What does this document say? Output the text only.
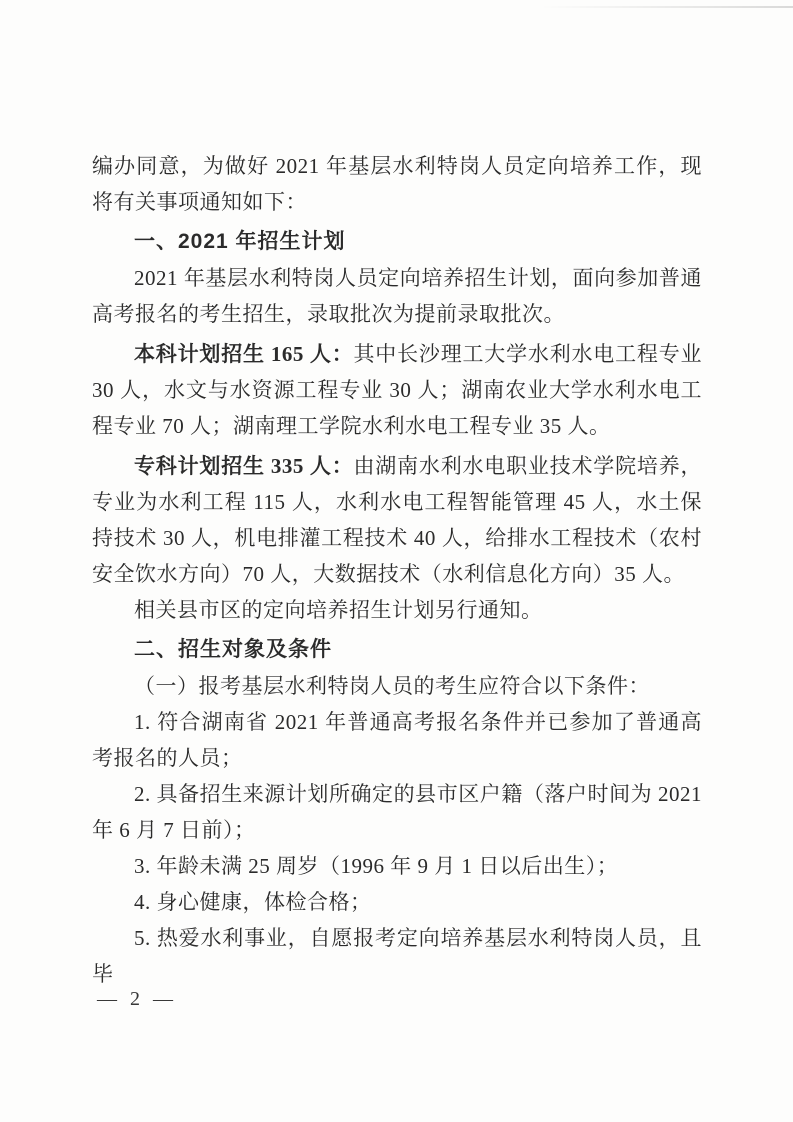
编办同意，为做好 2021 年基层水利特岗人员定向培养工作，现将有关事项通知如下：

一、2021 年招生计划

2021 年基层水利特岗人员定向培养招生计划，面向参加普通高考报名的考生招生，录取批次为提前录取批次。

本科计划招生 165 人：其中长沙理工大学水利水电工程专业 30 人，水文与水资源工程专业 30 人；湖南农业大学水利水电工程专业 70 人；湖南理工学院水利水电工程专业 35 人。

专科计划招生 335 人：由湖南水利水电职业技术学院培养，专业为水利工程 115 人，水利水电工程智能管理 45 人，水土保持技术 30 人，机电排灌工程技术 40 人，给排水工程技术（农村安全饮水方向）70 人，大数据技术（水利信息化方向）35 人。

相关县市区的定向培养招生计划另行通知。

二、招生对象及条件

（一）报考基层水利特岗人员的考生应符合以下条件：

1. 符合湖南省 2021 年普通高考报名条件并已参加了普通高考报名的人员；

2. 具备招生来源计划所确定的县市区户籍（落户时间为 2021 年 6 月 7 日前）；

3. 年龄未满 25 周岁（1996 年 9 月 1 日以后出生）；

4. 身心健康，体检合格；

5. 热爱水利事业，自愿报考定向培养基层水利特岗人员，且毕

— 2 —
